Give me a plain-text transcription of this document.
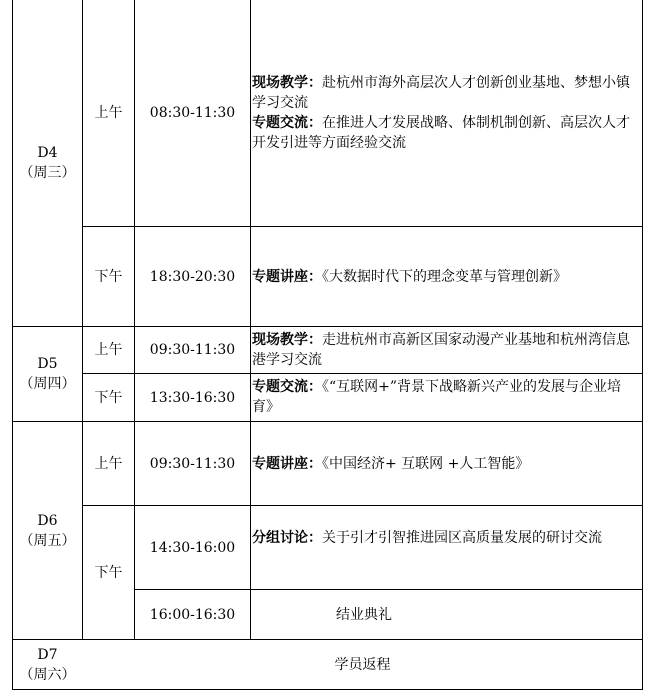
D4
（周三）
上午 08:30-11:30
现场教学：赴杭州市海外高层次人才创新创业基地、梦想小镇学习交流
专题交流：在推进人才发展战略、体制机制创新、高层次人才开发引进等方面经验交流
下午 18:30-20:30 专题讲座：《大数据时代下的理念变革与管理创新》
D5
（周四）
上午 09:30-11:30
现场教学：走进杭州市高新区国家动漫产业基地和杭州湾信息港学习交流
下午 13:30-16:30
专题交流：《“互联网+”背景下战略新兴产业的发展与企业培育》
D6
（周五）
上午 09:30-11:30 专题讲座：《中国经济+ 互联网 +人工智能》
下午
14:30-16:00
分组讨论：关于引才引智推进园区高质量发展的研讨交流
16:00-16:30	结业典礼
D7
（周六）
学员返程
